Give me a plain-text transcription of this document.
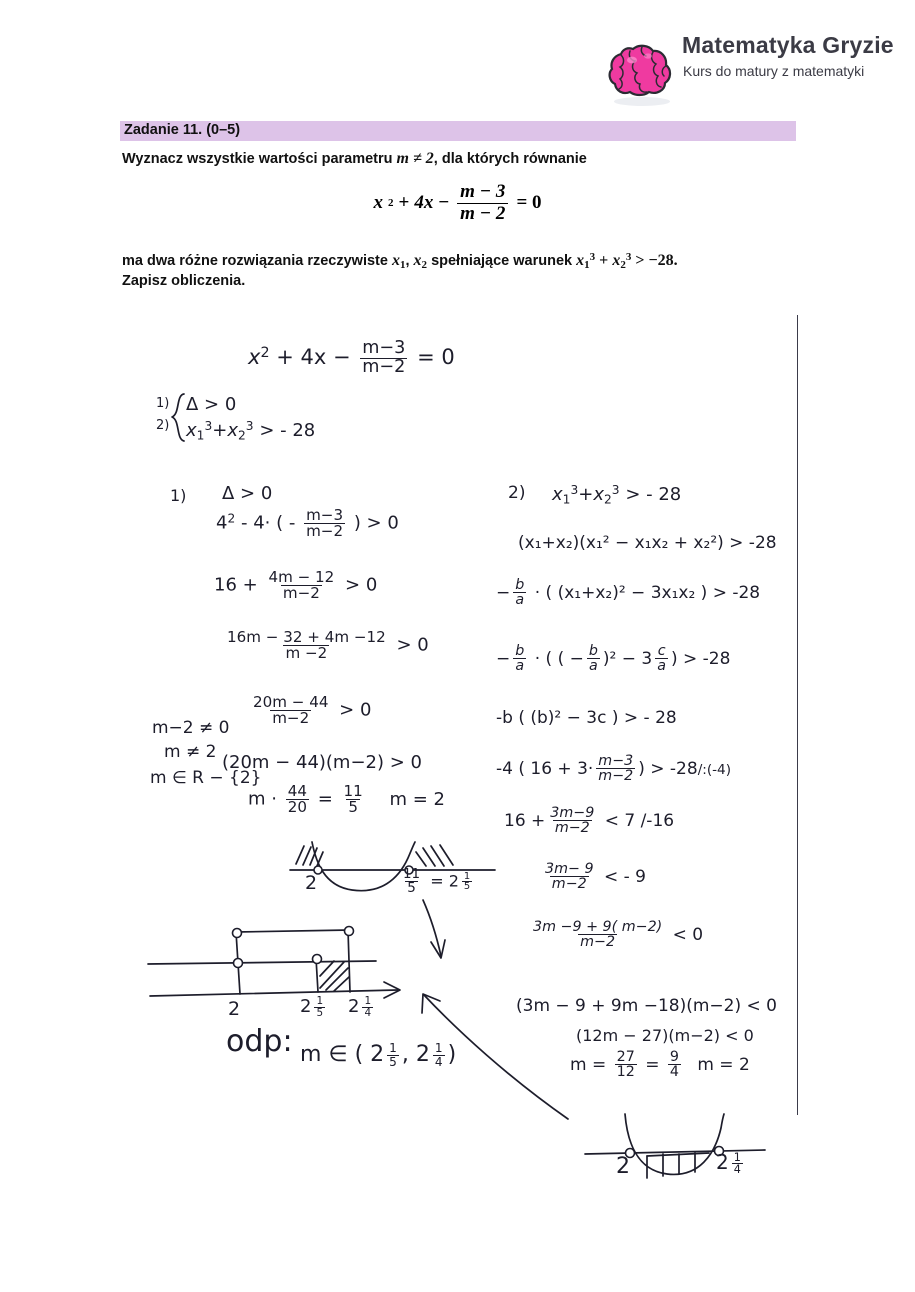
Matematyka Gryzie
Kurs do matury z matematyki
Zadanie 11. (0–5)
Wyznacz wszystkie wartości parametru m ≠ 2, dla których równanie
x $2 + 4x - \frac{m - 3}{m - 2} = 0$
ma dwa różne rozwiązania rzeczywiste $x_1$, $x_2$ spełniające warunek $x_1^3 + x_2^3 > -28$.
Zapisz obliczenia.
$x^2 + 4x - \frac{m-3}{m-2} = 0$
1)
2)
Δ > 0
$x1^3+x2^3$ > - 28
1) Δ > 0
$4^2 - 4\cdot$ ( - $\frac{m-3}{m-2}$ ) > 0
$16 + \frac{4m - 12}{m-2} > 0$
$\frac{16m - 32 + 4m -12}{m -2} > 0$
$\frac{20m - 44}{m-2} > 0$
(20m − 44)(m−2) > 0
$m \cdot \frac{44}{20} = \frac{11}{5}$ m = 2
m−2 ≠ 0
m ≠ 2
m ∈ R − {2}
2	$\frac{11}{5} = 2 \frac{1}{5}$
2	$2 \frac{1}{5} 2 \frac{1}{4}$
odp: m ∈ ( $2 \frac{1}{5}$ , $2 \frac{1}{4}$ )
2) $x1^3+x2^3$ > - 28
(x₁+x₂)(x₁² − x₁x₂ + x₂²) > -28
− $\frac{b}{a}$ · ( (x₁+x₂)² − 3x₁x₂ ) > -28
− $\frac{b}{a}$ · ( ( − $\frac{b}{a} )^2 - 3 \frac{c}{a}$ ) > -28
-b ( (b)² − 3c ) > - 28
-4 ( $16 + 3\cdot \frac{m-3}{m-2}$ ) > -28/:(-4)
$16 + \frac{3m-9}{m-2} < 7$ /-16
$\frac{3m- 9}{m-2}$ < - 9
$\frac{3m -9 + 9( m-2)}{m-2} < 0$
(3m − 9 + 9m −18)(m−2) < 0
(12m − 27)(m−2) < 0
$m = \frac{27}{12} = \frac{9}{4}$ m = 2
2	$2 \frac{1}{4}$
